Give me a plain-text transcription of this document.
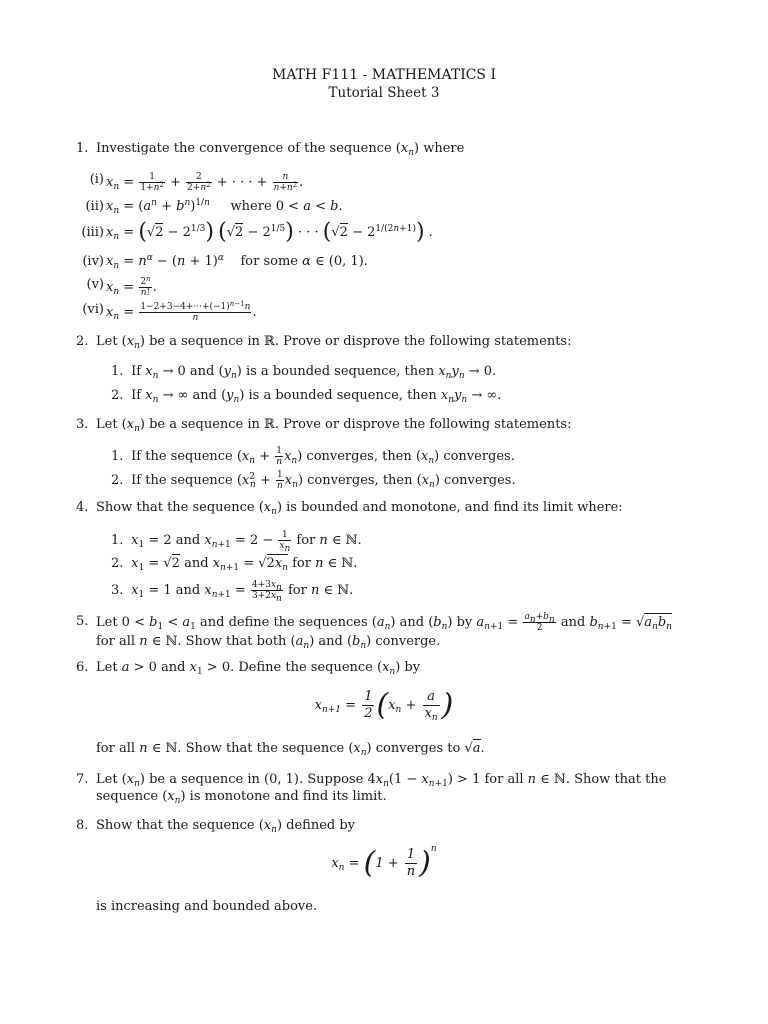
MATH F111 - MATHEMATICS I
Tutorial Sheet 3
1. Investigate the convergence of the sequence $(x_n)$ where
(i) $x_n = \frac{1}{1+n^2} + \frac{2}{2+n^2}$ + · · · + $\frac{n}{n+n^2}$ .
(ii) $x_n = (a^n + b^n)^{1/n}$     where 0 < a < b.
(iii) $x_n = (√2 - 2^{1/3}) (√2 - 2^{1/5})$ · · · $(√2 - 2^{1/(2n+1)})$ .
(iv) $x_n = n^\alpha - (n + 1)^\alpha$    for some α ∈ (0, 1).
(v) $x_n = \frac{2^n}{n!}$ .
(vi) $x_n = \frac{1-2+3-4+\cdot\cdot\cdot+(-1)^{n-1}n}{n}$ .
2. Let $(x_n)$ be a sequence in ℝ. Prove or disprove the following statements:
1. If $x_n \to 0$ and $(y_n)$ is a bounded sequence, then $x_ny_n \to 0$.
2. If $x_n$ → ∞ and $(y_n)$ is a bounded sequence, then $x_ny_n$ → ∞.
3. Let $(x_n)$ be a sequence in ℝ. Prove or disprove the following statements:
1. If the sequence $(x_n + \frac{1}{n} x_n)$ converges, then $(x_n)$ converges.
2. If the sequence $(x^2_n + \frac{1}{n} x_n)$ converges, then $(x_n)$ converges.
4. Show that the sequence $(x_n)$ is bounded and monotone, and find its limit where:
1. $x_1 = 2$ and $x_{n+1} = 2 - \frac{1}{x_n}$ for n ∈ ℕ.
2. $x_1 = √2$ and $x_{n+1} = √2x_n$ for n ∈ ℕ.
3. $x_1 = 1$ and $x_{n+1} = \frac{4+3x_n}{3+2x_n}$ for n ∈ ℕ.
5. Let $0 < b_1 < a_1$ and define the sequences $(a_n)$ and $(b_n)$ by $a_{n+1} = \frac{a_n+b_n}{2}$ and $b_{n+1} = √a_nb_n$
for all n ∈ ℕ. Show that both $(a_n)$ and $(b_n)$ converge.
6. Let a > 0 and $x_1 > 0$. Define the sequence $(x_n)$ by
$x_{n+1} = \frac{1}{2} (x_n + \frac{a}{x_n}$ )
for all n ∈ ℕ. Show that the sequence $(x_n)$ converges to √a.
7. Let $(x_n)$ be a sequence in (0, 1). Suppose $4x_n(1 - x_{n+1}) > 1$ for all n ∈ ℕ. Show that the sequence $(x_n)$ is monotone and find its limit.
8. Show that the sequence $(x_n)$ defined by
$x_n = (1 + \frac{1}{n} )^n$
is increasing and bounded above.
